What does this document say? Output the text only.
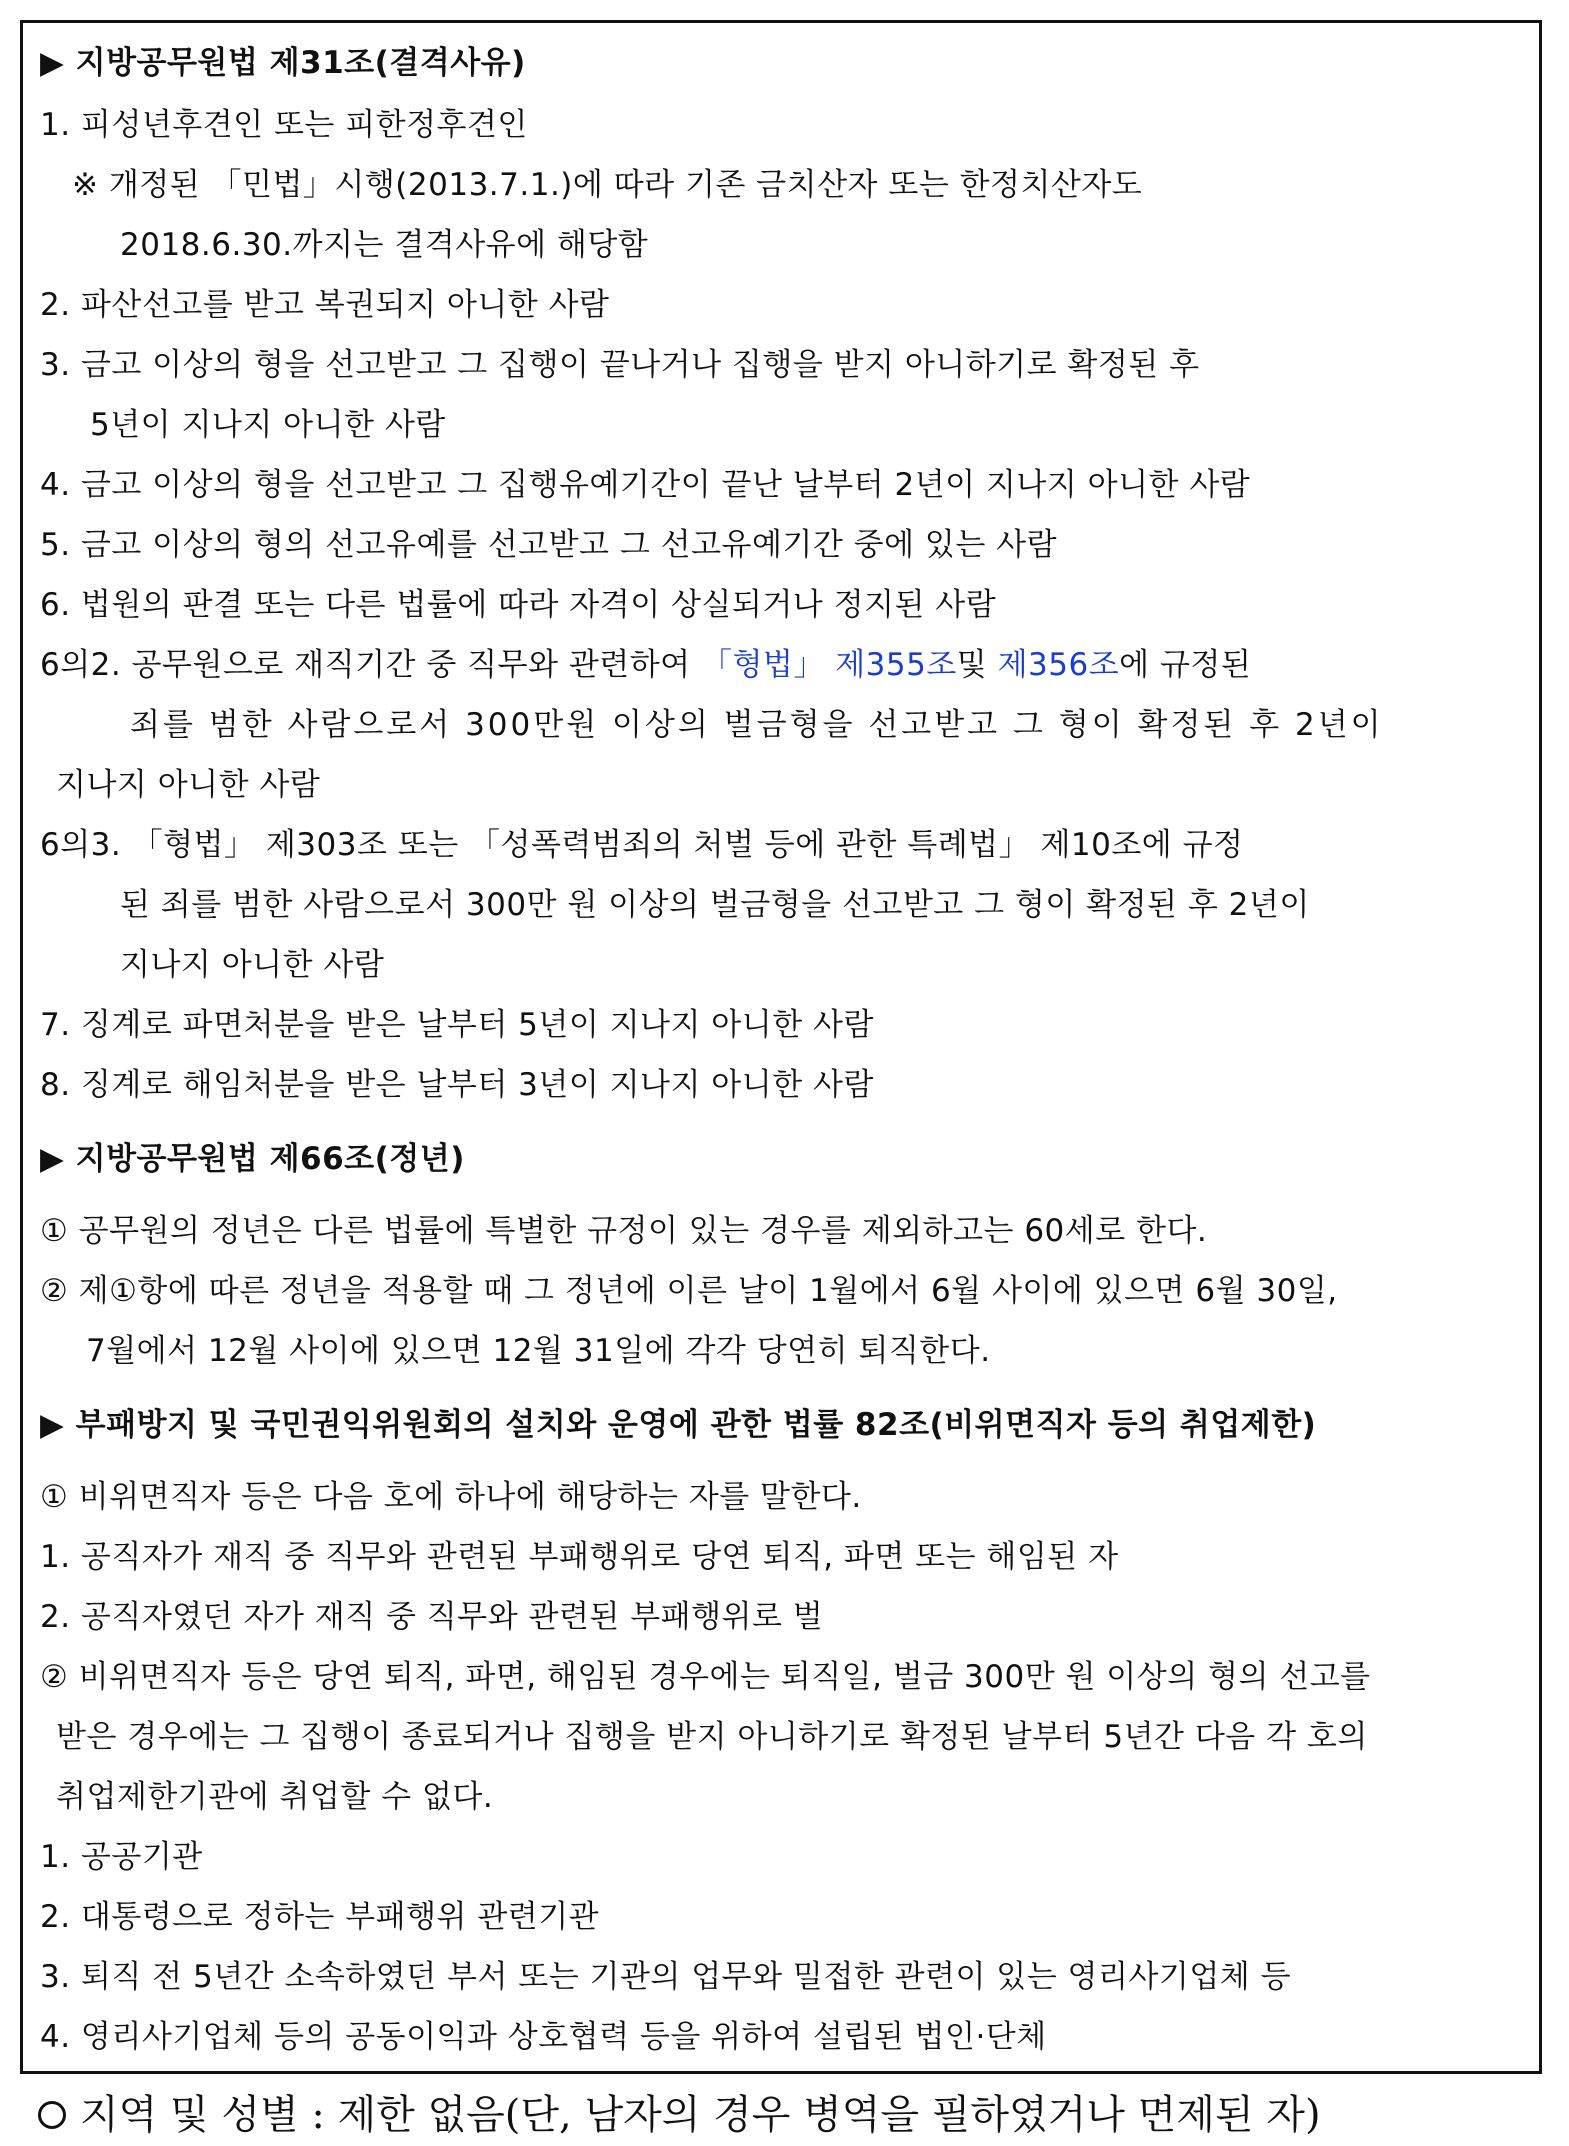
▶ 지방공무원법 제31조(결격사유)
1. 피성년후견인 또는 피한정후견인
※ 개정된 「민법」시행(2013.7.1.)에 따라 기존 금치산자 또는 한정치산자도
2018.6.30.까지는 결격사유에 해당함
2. 파산선고를 받고 복권되지 아니한 사람
3. 금고 이상의 형을 선고받고 그 집행이 끝나거나 집행을 받지 아니하기로 확정된 후
5년이 지나지 아니한 사람
4. 금고 이상의 형을 선고받고 그 집행유예기간이 끝난 날부터 2년이 지나지 아니한 사람
5. 금고 이상의 형의 선고유예를 선고받고 그 선고유예기간 중에 있는 사람
6. 법원의 판결 또는 다른 법률에 따라 자격이 상실되거나 정지된 사람
6의2. 공무원으로 재직기간 중 직무와 관련하여 「형법」 제355조및 제356조에 규정된
죄를 범한 사람으로서 300만원 이상의 벌금형을 선고받고 그 형이 확정된 후 2년이
지나지 아니한 사람
6의3. 「형법」 제303조 또는 「성폭력범죄의 처벌 등에 관한 특례법」 제10조에 규정
된 죄를 범한 사람으로서 300만 원 이상의 벌금형을 선고받고 그 형이 확정된 후 2년이
지나지 아니한 사람
7. 징계로 파면처분을 받은 날부터 5년이 지나지 아니한 사람
8. 징계로 해임처분을 받은 날부터 3년이 지나지 아니한 사람
▶ 지방공무원법 제66조(정년)
① 공무원의 정년은 다른 법률에 특별한 규정이 있는 경우를 제외하고는 60세로 한다.
② 제①항에 따른 정년을 적용할 때 그 정년에 이른 날이 1월에서 6월 사이에 있으면 6월 30일,
7월에서 12월 사이에 있으면 12월 31일에 각각 당연히 퇴직한다.
▶ 부패방지 및 국민권익위원회의 설치와 운영에 관한 법률 82조(비위면직자 등의 취업제한)
① 비위면직자 등은 다음 호에 하나에 해당하는 자를 말한다.
1. 공직자가 재직 중 직무와 관련된 부패행위로 당연 퇴직, 파면 또는 해임된 자
2. 공직자였던 자가 재직 중 직무와 관련된 부패행위로 벌
② 비위면직자 등은 당연 퇴직, 파면, 해임된 경우에는 퇴직일, 벌금 300만 원 이상의 형의 선고를
받은 경우에는 그 집행이 종료되거나 집행을 받지 아니하기로 확정된 날부터 5년간 다음 각 호의
취업제한기관에 취업할 수 없다.
1. 공공기관
2. 대통령으로 정하는 부패행위 관련기관
3. 퇴직 전 5년간 소속하였던 부서 또는 기관의 업무와 밀접한 관련이 있는 영리사기업체 등
4. 영리사기업체 등의 공동이익과 상호협력 등을 위하여 설립된 법인·단체
지역 및 성별 : 제한 없음(단, 남자의 경우 병역을 필하였거나 면제된 자)
